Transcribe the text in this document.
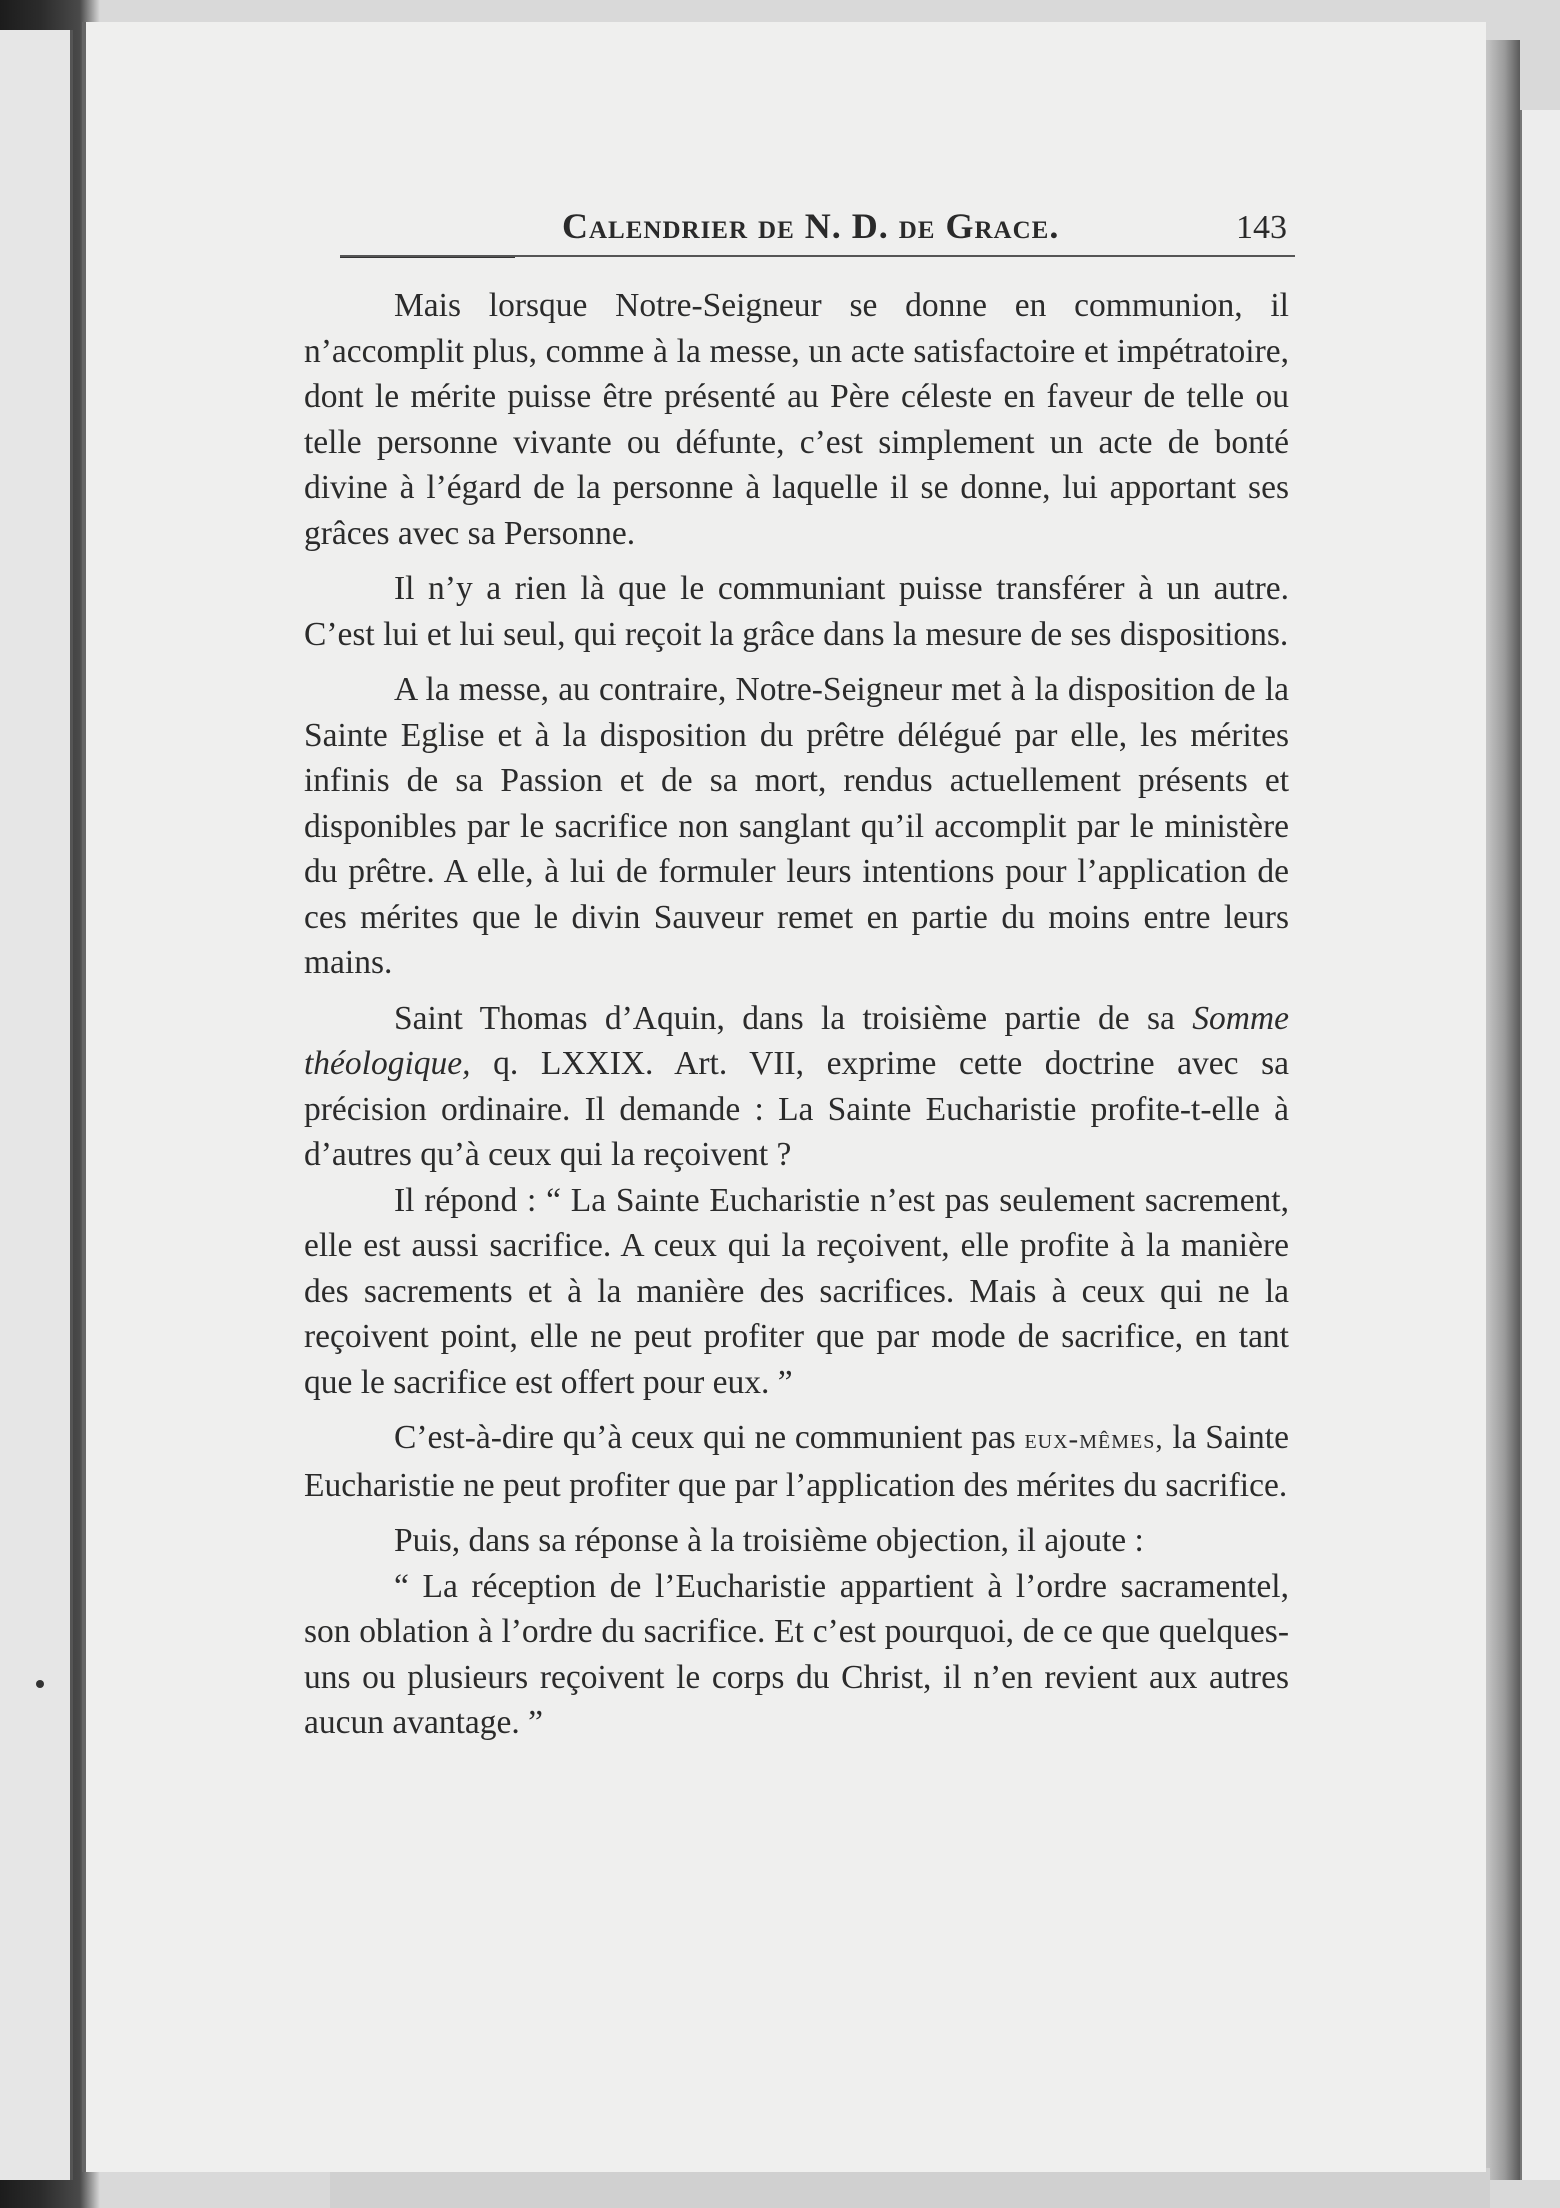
Calendrier de N. D. de Grace.	143

Mais lorsque Notre-Seigneur se donne en communion, il n’accomplit plus, comme à la messe, un acte satisfactoire et impétratoire, dont le mérite puisse être présenté au Père céleste en faveur de telle ou telle personne vivante ou défunte, c’est simplement un acte de bonté divine à l’égard de la personne à laquelle il se donne, lui apportant ses grâces avec sa Personne.

Il n’y a rien là que le communiant puisse transférer à un autre. C’est lui et lui seul, qui reçoit la grâce dans la mesure de ses dispositions.

A la messe, au contraire, Notre-Seigneur met à la disposition de la Sainte Eglise et à la disposition du prêtre délégué par elle, les mérites infinis de sa Passion et de sa mort, rendus actuellement présents et disponibles par le sacrifice non sanglant qu’il accomplit par le ministère du prêtre. A elle, à lui de formuler leurs intentions pour l’application de ces mérites que le divin Sauveur remet en partie du moins entre leurs mains.

Saint Thomas d’Aquin, dans la troisième partie de sa Somme théologique, q. LXXIX. Art. VII, exprime cette doctrine avec sa précision ordinaire. Il demande : La Sainte Eucharistie profite-t-elle à d’autres qu’à ceux qui la reçoivent ?

Il répond : “ La Sainte Eucharistie n’est pas seulement sacrement, elle est aussi sacrifice. A ceux qui la reçoivent, elle profite à la manière des sacrements et à la manière des sacrifices. Mais à ceux qui ne la reçoivent point, elle ne peut profiter que par mode de sacrifice, en tant que le sacrifice est offert pour eux. ”

C’est-à-dire qu’à ceux qui ne communient pas eux-mêmes, la Sainte Eucharistie ne peut profiter que par l’application des mérites du sacrifice.

Puis, dans sa réponse à la troisième objection, il ajoute :

“ La réception de l’Eucharistie appartient à l’ordre sacramentel, son oblation à l’ordre du sacrifice. Et c’est pourquoi, de ce que quelques-uns ou plusieurs reçoivent le corps du Christ, il n’en revient aux autres aucun avantage. ”
